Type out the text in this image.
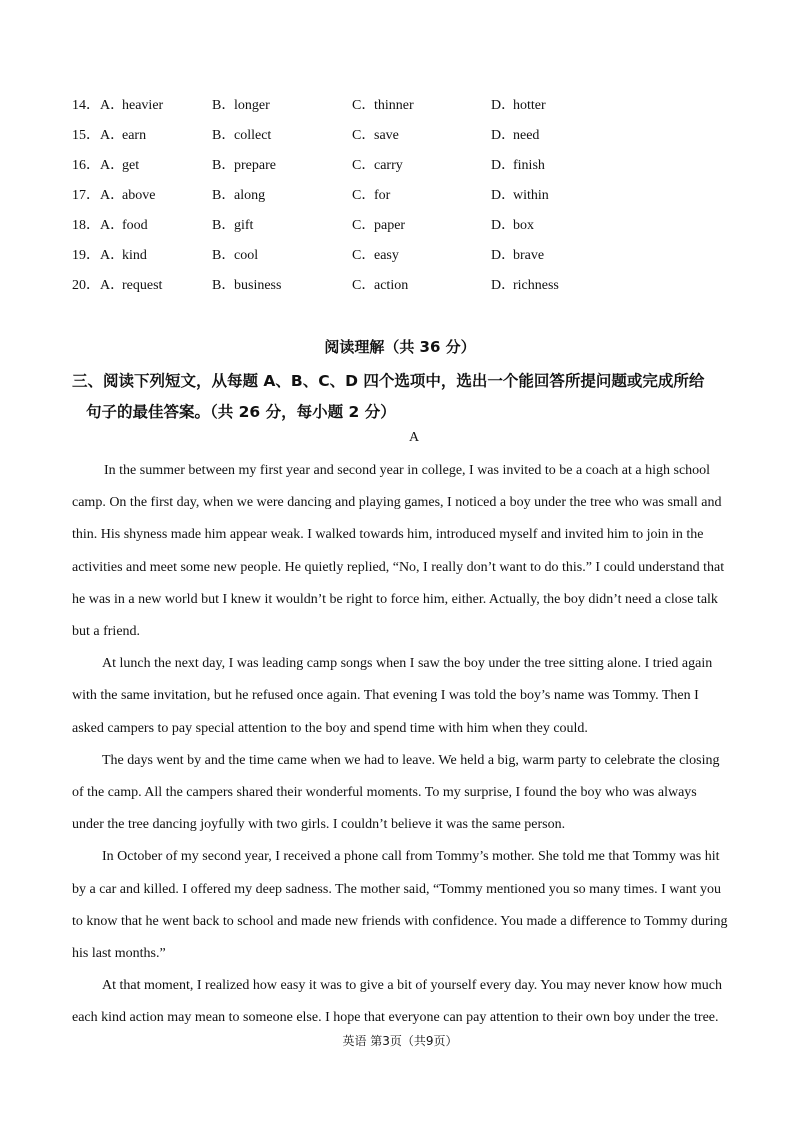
14． A．heavier	B．longer	C．thinner	D．hotter
15． A．earn	B．collect	C．save	D．need
16． A．get	B．prepare	C．carry	D．finish
17． A．above	B．along	C．for	D．within
18． A．food	B．gift	C．paper	D．box
19． A．kind	B．cool	C．easy	D．brave
20． A．request	B．business	C．action	D．richness
阅读理解（共 36 分）
三、阅读下列短文，从每题 A、B、C、D 四个选项中，选出一个能回答所提问题或完成所给
句子的最佳答案。（共 26 分，每小题 2 分）
A

In the summer between my first year and second year in college, I was invited to be a coach at a high school camp. On the first day, when we were dancing and playing games, I noticed a boy under the tree who was small and thin. His shyness made him appear weak. I walked towards him, introduced myself and invited him to join in the activities and meet some new people. He quietly replied, “No, I really don’t want to do this.” I could understand that he was in a new world but I knew it wouldn’t be right to force him, either. Actually, the boy didn’t need a close talk but a friend.

At lunch the next day, I was leading camp songs when I saw the boy under the tree sitting alone. I tried again with the same invitation, but he refused once again. That evening I was told the boy’s name was Tommy. Then I asked campers to pay special attention to the boy and spend time with him when they could.

The days went by and the time came when we had to leave. We held a big, warm party to celebrate the closing of the camp. All the campers shared their wonderful moments. To my surprise, I found the boy who was always under the tree dancing joyfully with two girls. I couldn’t believe it was the same person.

In October of my second year, I received a phone call from Tommy’s mother. She told me that Tommy was hit by a car and killed. I offered my deep sadness. The mother said, “Tommy mentioned you so many times. I want you to know that he went back to school and made new friends with confidence. You made a difference to Tommy during his last months.”

At that moment, I realized how easy it was to give a bit of yourself every day. You may never know how much each kind action may mean to someone else. I hope that everyone can pay attention to their own boy under the tree.

英语 第3页（共9页）
